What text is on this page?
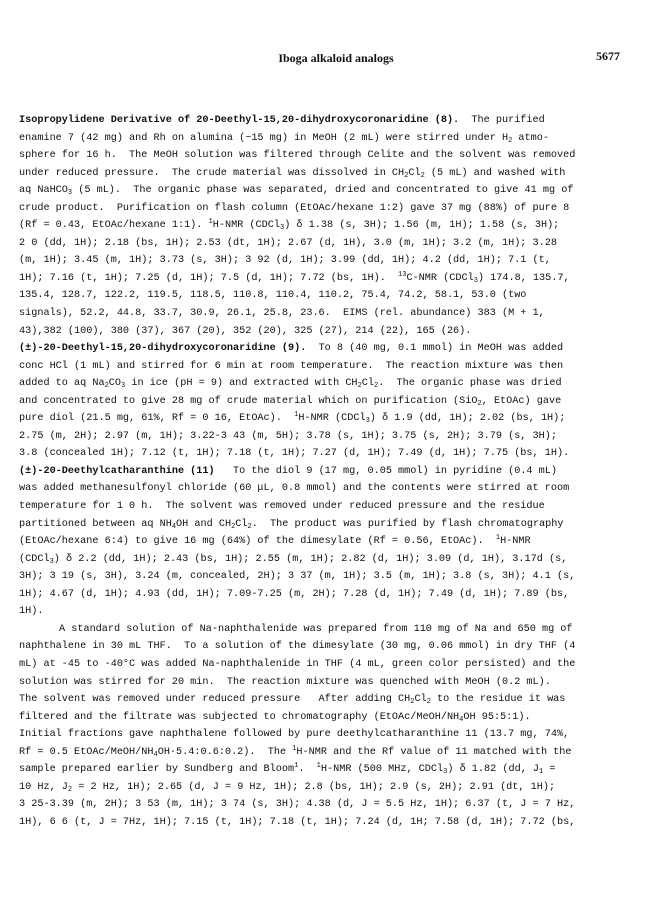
Iboga alkaloid analogs	5677
Isopropylidene Derivative of 20-Deethyl-15,20-dihydroxycoronaridine (8).  The purified
enamine 7 (42 mg) and Rh on alumina (~15 mg) in MeOH (2 mL) were stirred under $H_2$ atmo-
sphere for 16 h.  The MeOH solution was filtered through Celite and the solvent was removed
under reduced pressure.  The crude material was dissolved in $CH_2Cl_2$ (5 mL) and washed with
aq NaHCO$_3$ (5 mL).  The organic phase was separated, dried and concentrated to give 41 mg of
crude product.  Purification on flash column (EtOAc/hexane 1:2) gave 37 mg (88%) of pure 8
(Rf = 0.43, EtOAc/hexane 1:1). $^1$H-NMR (CDCl$_3$) δ 1.38 (s, 3H); 1.56 (m, 1H); 1.58 (s, 3H);
2 0 (dd, 1H); 2.18 (bs, 1H); 2.53 (dt, 1H); 2.67 (d, 1H), 3.0 (m, 1H); 3.2 (m, 1H); 3.28
(m, 1H); 3.45 (m, 1H); 3.73 (s, 3H); 3 92 (d, 1H); 3.99 (dd, 1H); 4.2 (dd, 1H); 7.1 (t,
1H); 7.16 (t, 1H); 7.25 (d, 1H); 7.5 (d, 1H); 7.72 (bs, 1H).  $^{13}$C-NMR (CDCl$_3$) 174.8, 135.7,
135.4, 128.7, 122.2, 119.5, 118.5, 110.8, 110.4, 110.2, 75.4, 74.2, 58.1, 53.0 (two
signals), 52.2, 44.8, 33.7, 30.9, 26.1, 25.8, 23.6.  EIMS (rel. abundance) 383 (M + 1,
43),382 (100), 380 (37), 367 (20), 352 (20), 325 (27), 214 (22), 165 (26).
(±)-20-Deethyl-15,20-dihydroxycoronaridine (9).  To 8 (40 mg, 0.1 mmol) in MeOH was added
conc HCl (1 mL) and stirred for 6 min at room temperature.  The reaction mixture was then
added to aq $Na_2CO_3$ in ice (pH = 9) and extracted with $CH_2Cl_2$.  The organic phase was dried
and concentrated to give 28 mg of crude material which on purification (SiO$_2$, EtOAc) gave
pure diol (21.5 mg, 61%, Rf = 0 16, EtOAc).  $^1$H-NMR (CDCl$_3$) δ 1.9 (dd, 1H); 2.02 (bs, 1H);
2.75 (m, 2H); 2.97 (m, 1H); 3.22-3 43 (m, 5H); 3.78 (s, 1H); 3.75 (s, 2H); 3.79 (s, 3H);
3.8 (concealed 1H); 7.12 (t, 1H); 7.18 (t, 1H); 7.27 (d, 1H); 7.49 (d, 1H); 7.75 (bs, 1H).
(±)-20-Deethylcatharanthine (11)   To the diol 9 (17 mg, 0.05 mmol) in pyridine (0.4 mL)
was added methanesulfonyl chloride (60 μL, 0.8 mmol) and the contents were stirred at room
temperature for 1 0 h.  The solvent was removed under reduced pressure and the residue
partitioned between aq $NH_4OH$ and $CH_2Cl_2$.  The product was purified by flash chromatography
(EtOAc/hexane 6:4) to give 16 mg (64%) of the dimesylate (Rf = 0.56, EtOAc).  $^1$H-NMR
(CDCl$_3$) δ 2.2 (dd, 1H); 2.43 (bs, 1H); 2.55 (m, 1H); 2.82 (d, 1H); 3.09 (d, 1H), 3.17d (s,
3H); 3 19 (s, 3H), 3.24 (m, concealed, 2H); 3 37 (m, 1H); 3.5 (m, 1H); 3.8 (s, 3H); 4.1 (s,
1H); 4.67 (d, 1H); 4.93 (dd, 1H); 7.09-7.25 (m, 2H); 7.28 (d, 1H); 7.49 (d, 1H); 7.89 (bs,
1H).
A standard solution of Na-naphthalenide was prepared from 110 mg of Na and 650 mg of
naphthalene in 30 mL THF.  To a solution of the dimesylate (30 mg, 0.06 mmol) in dry THF (4
mL) at -45 to -40°C was added Na-naphthalenide in THF (4 mL, green color persisted) and the
solution was stirred for 20 min.  The reaction mixture was quenched with MeOH (0.2 mL).
The solvent was removed under reduced pressure   After adding $CH_2Cl_2$ to the residue it was
filtered and the filtrate was subjected to chromatography ($EtOAc/MeOH/NH_4OH$ 95:5:1).
Initial fractions gave naphthalene followed by pure deethylcatharanthine 11 (13.7 mg, 74%,
Rf = 0.5 EtOAc/$MeOH/NH_4OH\cdot 5.4:0.6:0.2$).  The $^1$H-NMR and the Rf value of 11 matched with the
sample prepared earlier by Sundberg and Bloom$^1$.  $^1$H-NMR (500 MHz, CDCl$_3$) δ 1.82 (dd, $J_1$ =
10 Hz, $J_2 = 2$ Hz, 1H); 2.65 (d, J = 9 Hz, 1H); 2.8 (bs, 1H); 2.9 (s, 2H); 2.91 (dt, 1H);
3 25-3.39 (m, 2H); 3 53 (m, 1H); 3 74 (s, 3H); 4.38 (d, J = 5.5 Hz, 1H); 6.37 (t, J = 7 Hz,
1H), 6 6 (t, J = 7Hz, 1H); 7.15 (t, 1H); 7.18 (t, 1H); 7.24 (d, 1H; 7.58 (d, 1H); 7.72 (bs,
